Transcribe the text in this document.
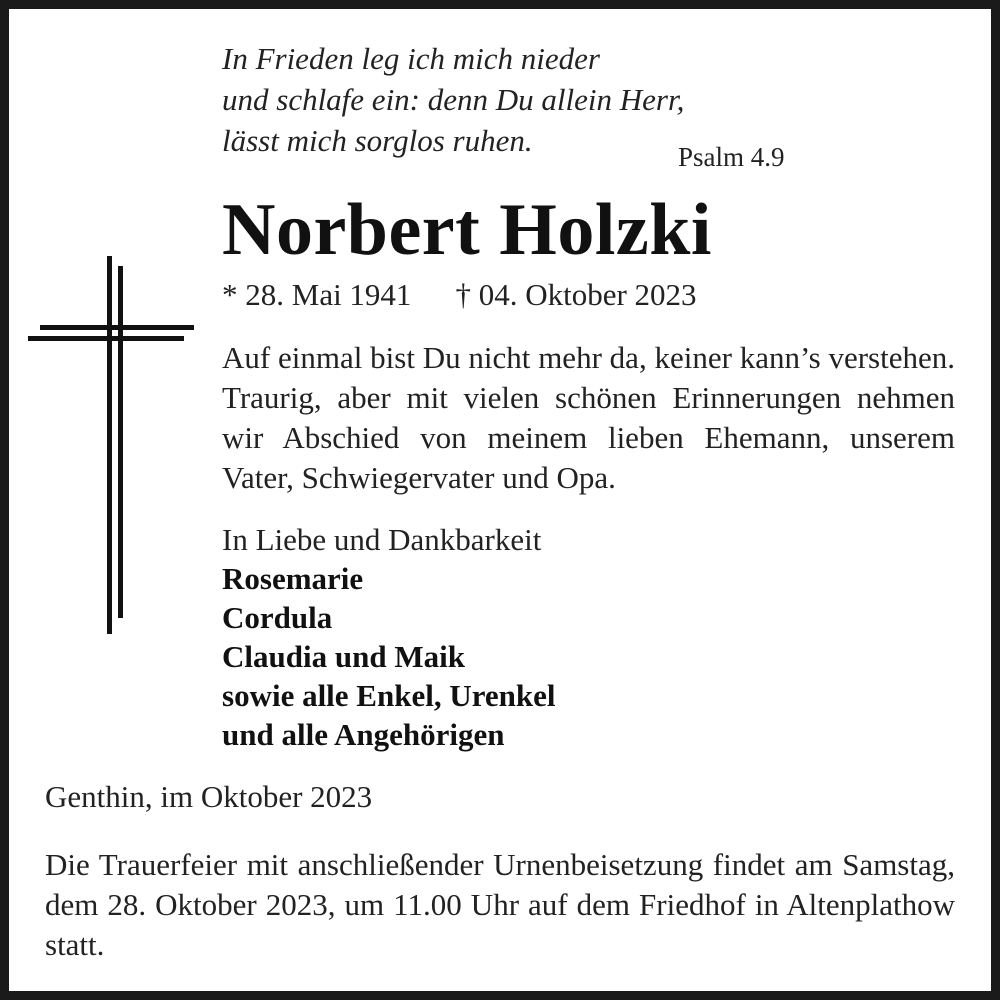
In Frieden leg ich mich nieder
und schlafe ein: denn Du allein Herr,
lässt mich sorglos ruhen.	Psalm 4.9
Norbert Holzki
* 28. Mai 1941 † 04. Oktober 2023
Auf einmal bist Du nicht mehr da, keiner kann’s verstehen. Traurig, aber mit vielen schönen Erinnerungen nehmen wir Abschied von meinem lieben Ehemann, unserem Vater, Schwiegervater und Opa.
In Liebe und Dankbarkeit
Rosemarie
Cordula
Claudia und Maik
sowie alle Enkel, Urenkel
und alle Angehörigen
Genthin, im Oktober 2023
Die Trauerfeier mit anschließender Urnenbeisetzung findet am Samstag, dem 28. Oktober 2023, um 11.00 Uhr auf dem Friedhof in Altenplathow statt.
